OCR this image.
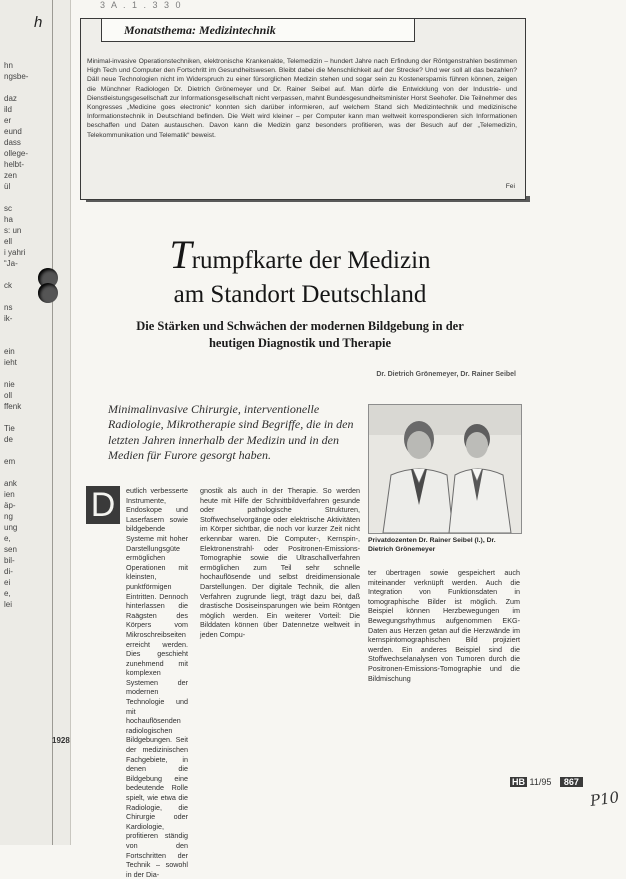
h
hn
ngsbe-

daz
ild
er
eund
dass
ollege-
helbt-
zen
ül

sc
ha
s: un
ell
i yahri
“Ja-

ck

ns
ik-

ein
ieht

nie
oll
ffenk

Tie
de

em

ank
ien
äp-
ng
ung
e,
sen
bil-
di-
ei
e,
lei
1928
3 A . 1 . 3 3 0
Monatsthema: Medizintechnik
Minimal-invasive Operationstechniken, elektronische Krankenakte, Telemedizin – hundert Jahre nach Erfindung der Röntgenstrahlen bestimmen High Tech und Computer den Fortschritt im Gesundheitswesen. Bleibt dabei die Menschlichkeit auf der Strecke? Und wer soll all das bezahlen? DäIl neue Technologien nicht im Widerspruch zu einer fürsorglichen Medizin stehen und sogar sein zu Kostenersparnis führen können, zeigen die Münchner Radiologen Dr. Dietrich Grönemeyer und Dr. Rainer Seibel auf. Man dürfe die Entwicklung von der Industrie- und Dienstleistungsgesellschaft zur Informationsgesellschaft nicht verpassen, mahnt Bundesgesundheitsminister Horst Seehofer. Die Teilnehmer des Kongresses „Medicine goes electronic“ konnten sich darüber informieren, auf welchem Stand sich Medizintechnik und medizinische Informationstechnik in Deutschland befinden. Die Welt wird kleiner – per Computer kann man weltweit korrespondieren sich Informationen beschaffen und Daten austauschen. Davon kann die Medizin ganz besonders profitieren, was der Besuch auf der „Telemedizin, Telekommunikation und Telematik“ beweist.
Fei
Trumpfkarte der Medizin
am Standort Deutschland
Die Stärken und Schwächen der modernen Bildgebung in der
heutigen Diagnostik und Therapie
Dr. Dietrich Grönemeyer, Dr. Rainer Seibel
Minimalinvasive Chirurgie, interventionelle Radiologie, Mikrotherapie sind Begriffe, die in den letzten Jahren innerhalb der Medizin und in den Medien für Furore gesorgt haben.
D	eutlich verbesserte Instrumente, Endoskope und Laserfasern sowie bildgebende Systeme mit hoher Darstellungsgüte ermöglichen Operationen mit kleinsten, punktförmigen Eintritten. Dennoch hinterlassen die Raägsten des Körpers vom Mikroschreibseiten erreicht werden. Dies geschieht zunehmend mit komplexen Systemen der modernen Technologie und mit hochauflösenden radiologischen Bildgebungen. Seit der medizinischen Fachgebiete, in denen die Bildgebung eine bedeutende Rolle spielt, wie etwa die Radiologie, die Chirurgie oder Kardiologie, profitieren ständig von den Fortschritten der Technik – sowohl in der Dia-
gnostik als auch in der Therapie. So werden heute mit Hilfe der Schnittbildverfahren gesunde oder pathologische Strukturen, Stoffwechselvorgänge oder elektrische Aktivitäten im Körper sichtbar, die noch vor kurzer Zeit nicht erkennbar waren. Die Computer-, Kernspin-, Elektronenstrahl- oder Positronen-Emissions-Tomographie sowie die Ultraschallverfahren ermöglichen zum Teil sehr schnelle hochauflösende und selbst dreidimensionale Darstellungen. Der digitale Technik, die allen Verfahren zugrunde liegt, trägt dazu bei, daß drastische Dosiseinsparungen wie beim Röntgen möglich werden. Ein weiterer Vorteil: Die Bilddaten können über Datennetze weltweit in jeden Compu-
Privatdozenten Dr. Rainer Seibel (l.), Dr. Dietrich Grönemeyer
ter übertragen sowie gespeichert auch miteinander verknüpft werden. Auch die Integration von Funktionsdaten in tomographische Bilder ist möglich. Zum Beispiel können Herzbewegungen im Bewegungsrhythmus aufgenommen EKG-Daten aus Herzen getan auf die Herzwände im kernspintomographischen Bild projiziert werden. Ein anderes Beispiel sind die Stoffwechselanalysen von Tumoren durch die Positronen-Emissions-Tomographie und die Bildmischung
HB 11/95 867
P10
